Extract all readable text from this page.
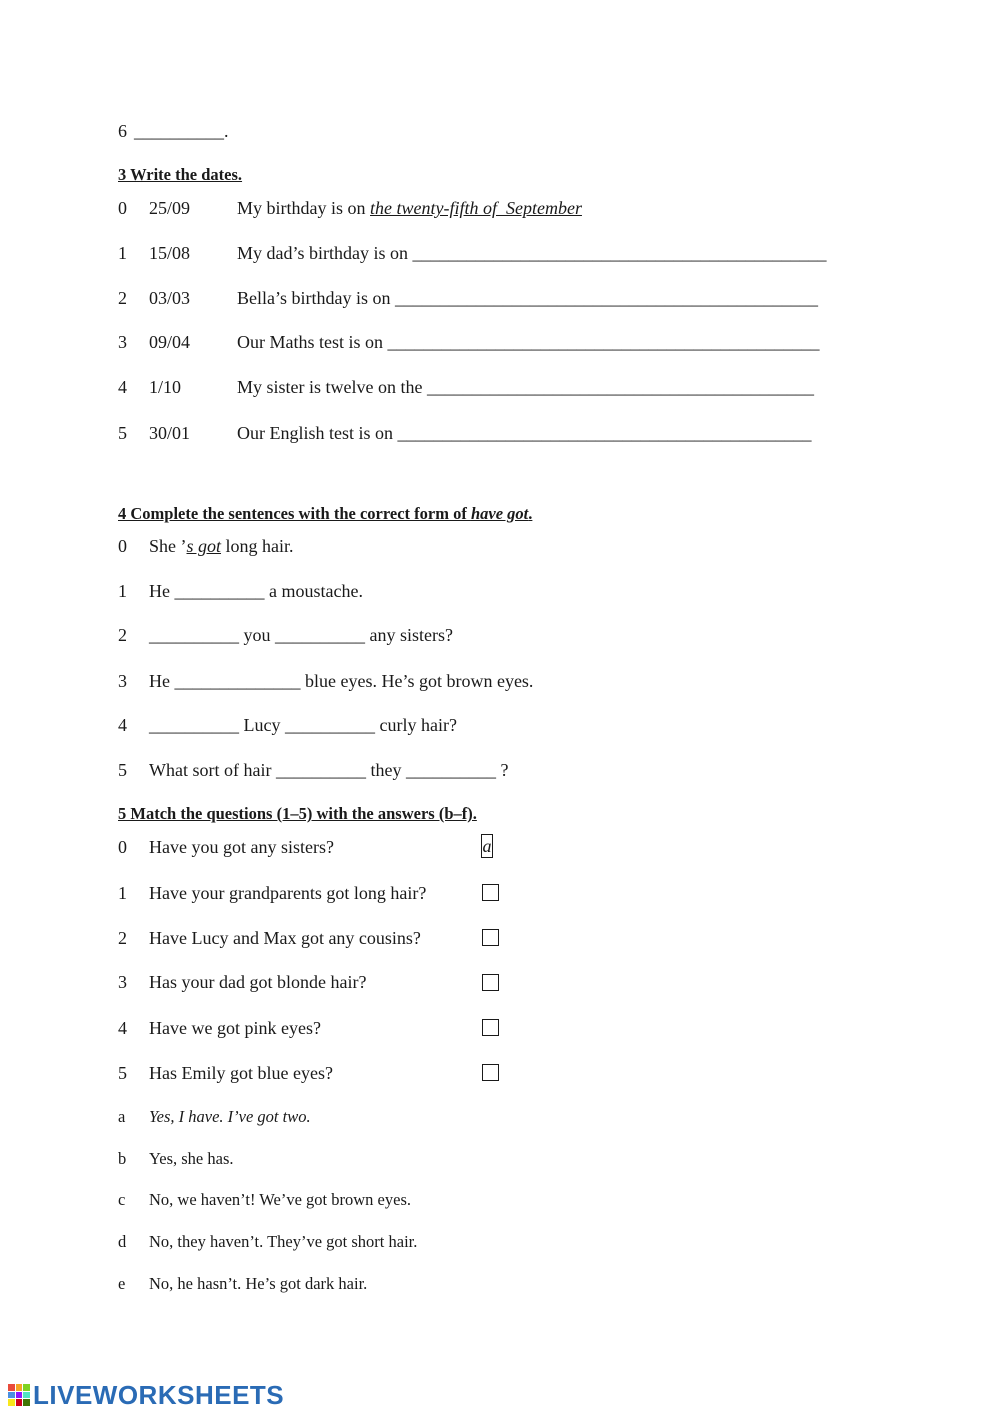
6 __________.
3 Write the dates.
0 25/09	My birthday is on the twenty-fifth of  September
1 15/08	My dad’s birthday is on ______________________________________________
2 03/03	Bella’s birthday is on _______________________________________________
3 09/04	Our Maths test is on ________________________________________________
4 1/10	My sister is twelve on the ___________________________________________
5 30/01	Our English test is on ______________________________________________
4 Complete the sentences with the correct form of have got.
0 She ’s got long hair.
1 He __________ a moustache.
2 __________ you __________ any sisters?
3 He ______________ blue eyes. He’s got brown eyes.
4 __________ Lucy __________ curly hair?
5 What sort of hair __________ they __________ ?
5 Match the questions (1–5) with the answers (b–f).
0 Have you got any sisters?	a
1 Have your grandparents got long hair?
2 Have Lucy and Max got any cousins?
3 Has your dad got blonde hair?
4 Have we got pink eyes?
5 Has Emily got blue eyes?
a Yes, I have. I’ve got two.
b Yes, she has.
c No, we haven’t! We’ve got brown eyes.
d No, they haven’t. They’ve got short hair.
e No, he hasn’t. He’s got dark hair.
LIVEWORKSHEETS
